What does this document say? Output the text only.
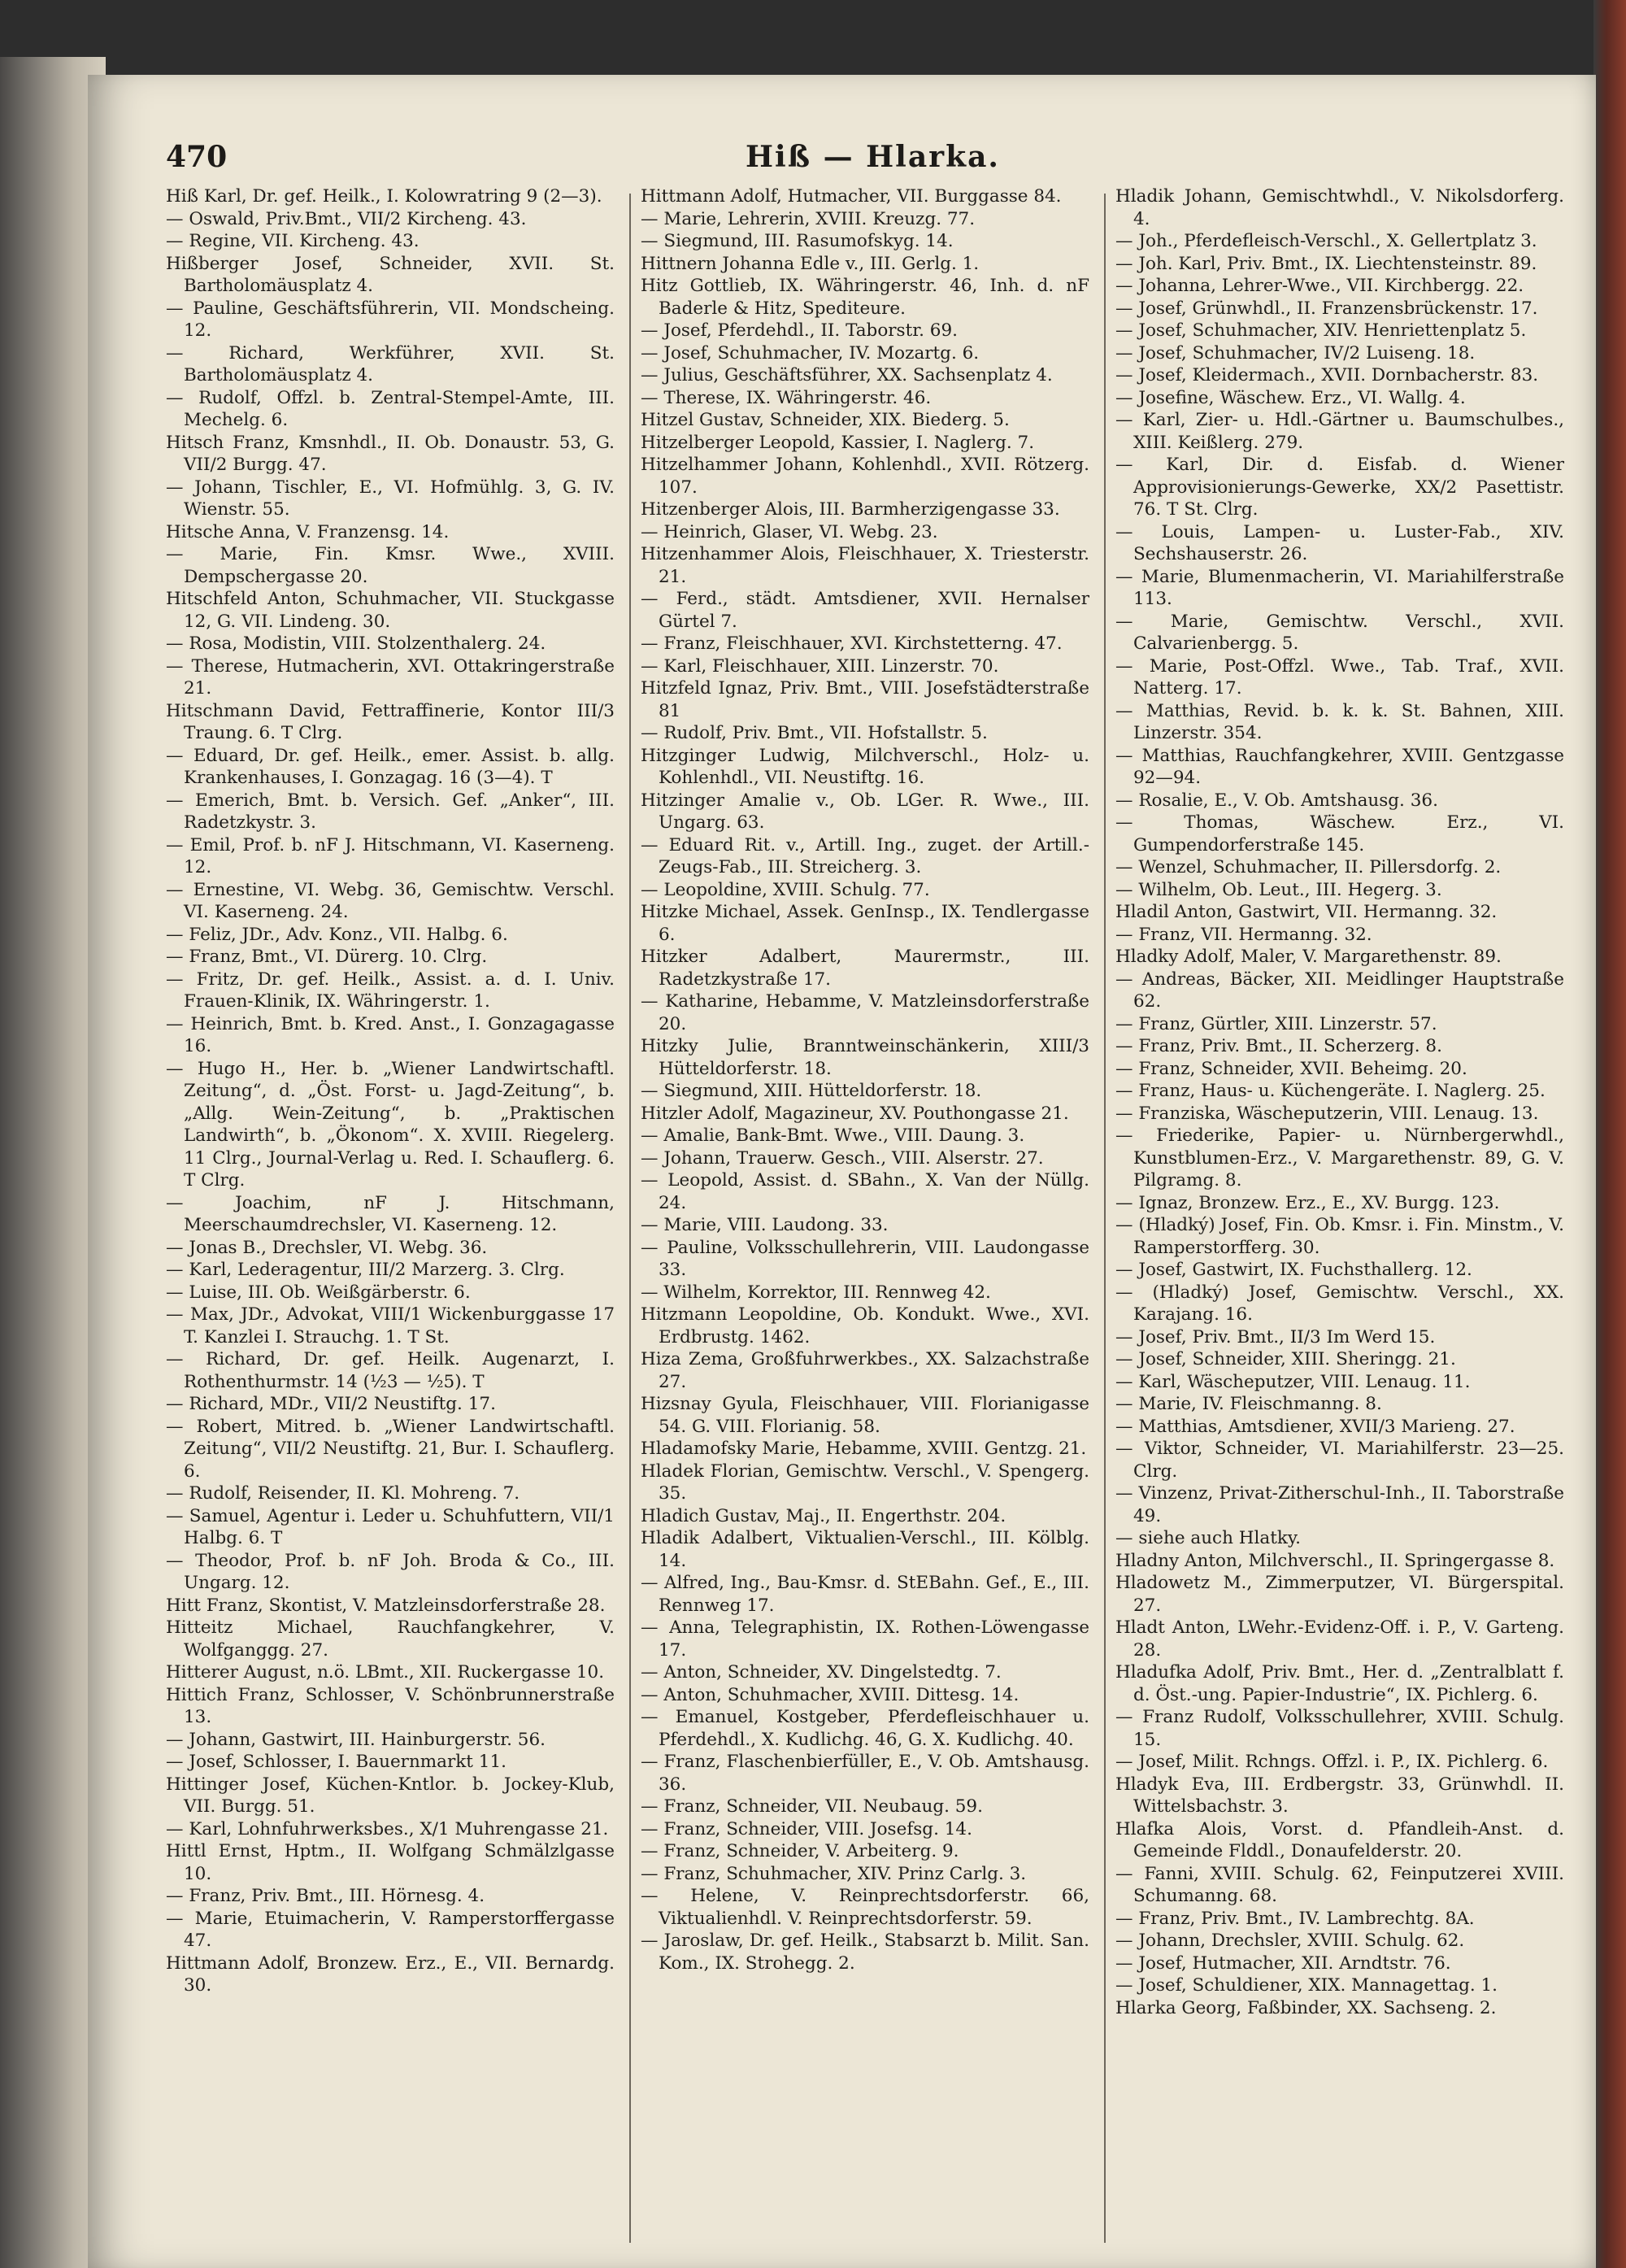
Hiß — Hlarka.
470
Hiß Karl, Dr. gef. Heilk., I. Kolowratring 9 (2—3).
— Oswald, Priv.Bmt., VII/2 Kircheng. 43.
— Regine, VII. Kircheng. 43.
Hißberger Josef, Schneider, XVII. St. Bartholomäusplatz 4.
— Pauline, Geschäftsführerin, VII. Mondscheing. 12.
— Richard, Werkführer, XVII. St. Bartholomäusplatz 4.
— Rudolf, Offzl. b. Zentral-Stempel-Amte, III. Mechelg. 6.
Hitsch Franz, Kmsnhdl., II. Ob. Donaustr. 53, G. VII/2 Burgg. 47.
— Johann, Tischler, E., VI. Hofmühlg. 3, G. IV. Wienstr. 55.
Hitsche Anna, V. Franzensg. 14.
— Marie, Fin. Kmsr. Wwe., XVIII. Dempschergasse 20.
Hitschfeld Anton, Schuhmacher, VII. Stuckgasse 12, G. VII. Lindeng. 30.
— Rosa, Modistin, VIII. Stolzenthalerg. 24.
— Therese, Hutmacherin, XVI. Ottakringerstraße 21.
Hitschmann David, Fettraffinerie, Kontor III/3 Traung. 6. T Clrg.
— Eduard, Dr. gef. Heilk., emer. Assist. b. allg. Krankenhauses, I. Gonzagag. 16 (3—4). T
— Emerich, Bmt. b. Versich. Gef. „Anker“, III. Radetzkystr. 3.
— Emil, Prof. b. nF J. Hitschmann, VI. Kaserneng. 12.
— Ernestine, VI. Webg. 36, Gemischtw. Verschl. VI. Kaserneng. 24.
— Feliz, JDr., Adv. Konz., VII. Halbg. 6.
— Franz, Bmt., VI. Dürerg. 10. Clrg.
— Fritz, Dr. gef. Heilk., Assist. a. d. I. Univ. Frauen-Klinik, IX. Währingerstr. 1.
— Heinrich, Bmt. b. Kred. Anst., I. Gonzagagasse 16.
— Hugo H., Her. b. „Wiener Landwirtschaftl. Zeitung“, d. „Öst. Forst- u. Jagd-Zeitung“, b. „Allg. Wein-Zeitung“, b. „Praktischen Landwirth“, b. „Ökonom“. X. XVIII. Riegelerg. 11 Clrg., Journal-Verlag u. Red. I. Schauflerg. 6. T Clrg.
— Joachim, nF J. Hitschmann, Meerschaumdrechsler, VI. Kaserneng. 12.
— Jonas B., Drechsler, VI. Webg. 36.
— Karl, Lederagentur, III/2 Marzerg. 3. Clrg.
— Luise, III. Ob. Weißgärberstr. 6.
— Max, JDr., Advokat, VIII/1 Wickenburggasse 17 T. Kanzlei I. Strauchg. 1. T St.
— Richard, Dr. gef. Heilk. Augenarzt, I. Rothenthurmstr. 14 (½3 — ½5). T
— Richard, MDr., VII/2 Neustiftg. 17.
— Robert, Mitred. b. „Wiener Landwirtschaftl. Zeitung“, VII/2 Neustiftg. 21, Bur. I. Schauflerg. 6.
— Rudolf, Reisender, II. Kl. Mohreng. 7.
— Samuel, Agentur i. Leder u. Schuhfuttern, VII/1 Halbg. 6. T
— Theodor, Prof. b. nF Joh. Broda & Co., III. Ungarg. 12.
Hitt Franz, Skontist, V. Matzleinsdorferstraße 28.
Hitteitz Michael, Rauchfangkehrer, V. Wolfganggg. 27.
Hitterer August, n.ö. LBmt., XII. Ruckergasse 10.
Hittich Franz, Schlosser, V. Schönbrunnerstraße 13.
— Johann, Gastwirt, III. Hainburgerstr. 56.
— Josef, Schlosser, I. Bauernmarkt 11.
Hittinger Josef, Küchen-Kntlor. b. Jockey-Klub, VII. Burgg. 51.
— Karl, Lohnfuhrwerksbes., X/1 Muhrengasse 21.
Hittl Ernst, Hptm., II. Wolfgang Schmälzlgasse 10.
— Franz, Priv. Bmt., III. Hörnesg. 4.
— Marie, Etuimacherin, V. Ramperstorffergasse 47.
Hittmann Adolf, Bronzew. Erz., E., VII. Bernardg. 30.
Hittmann Adolf, Hutmacher, VII. Burggasse 84.
— Marie, Lehrerin, XVIII. Kreuzg. 77.
— Siegmund, III. Rasumofskyg. 14.
Hittnern Johanna Edle v., III. Gerlg. 1.
Hitz Gottlieb, IX. Währingerstr. 46, Inh. d. nF Baderle & Hitz, Spediteure.
— Josef, Pferdehdl., II. Taborstr. 69.
— Josef, Schuhmacher, IV. Mozartg. 6.
— Julius, Geschäftsführer, XX. Sachsenplatz 4.
— Therese, IX. Währingerstr. 46.
Hitzel Gustav, Schneider, XIX. Biederg. 5.
Hitzelberger Leopold, Kassier, I. Naglerg. 7.
Hitzelhammer Johann, Kohlenhdl., XVII. Rötzerg. 107.
Hitzenberger Alois, III. Barmherzigengasse 33.
— Heinrich, Glaser, VI. Webg. 23.
Hitzenhammer Alois, Fleischhauer, X. Triesterstr. 21.
— Ferd., städt. Amtsdiener, XVII. Hernalser Gürtel 7.
— Franz, Fleischhauer, XVI. Kirchstetterng. 47.
— Karl, Fleischhauer, XIII. Linzerstr. 70.
Hitzfeld Ignaz, Priv. Bmt., VIII. Josefstädterstraße 81
— Rudolf, Priv. Bmt., VII. Hofstallstr. 5.
Hitzginger Ludwig, Milchverschl., Holz- u. Kohlenhdl., VII. Neustiftg. 16.
Hitzinger Amalie v., Ob. LGer. R. Wwe., III. Ungarg. 63.
— Eduard Rit. v., Artill. Ing., zuget. der Artill.-Zeugs-Fab., III. Streicherg. 3.
— Leopoldine, XVIII. Schulg. 77.
Hitzke Michael, Assek. GenInsp., IX. Tendlergasse 6.
Hitzker Adalbert, Maurermstr., III. Radetzkystraße 17.
— Katharine, Hebamme, V. Matzleinsdorferstraße 20.
Hitzky Julie, Branntweinschänkerin, XIII/3 Hütteldorferstr. 18.
— Siegmund, XIII. Hütteldorferstr. 18.
Hitzler Adolf, Magazineur, XV. Pouthongasse 21.
— Amalie, Bank-Bmt. Wwe., VIII. Daung. 3.
— Johann, Trauerw. Gesch., VIII. Alserstr. 27.
— Leopold, Assist. d. SBahn., X. Van der Nüllg. 24.
— Marie, VIII. Laudong. 33.
— Pauline, Volksschullehrerin, VIII. Laudongasse 33.
— Wilhelm, Korrektor, III. Rennweg 42.
Hitzmann Leopoldine, Ob. Kondukt. Wwe., XVI. Erdbrustg. 1462.
Hiza Zema, Großfuhrwerkbes., XX. Salzachstraße 27.
Hizsnay Gyula, Fleischhauer, VIII. Florianigasse 54. G. VIII. Florianig. 58.
Hladamofsky Marie, Hebamme, XVIII. Gentzg. 21.
Hladek Florian, Gemischtw. Verschl., V. Spengerg. 35.
Hladich Gustav, Maj., II. Engerthstr. 204.
Hladik Adalbert, Viktualien-Verschl., III. Kölblg. 14.
— Alfred, Ing., Bau-Kmsr. d. StEBahn. Gef., E., III. Rennweg 17.
— Anna, Telegraphistin, IX. Rothen-Löwengasse 17.
— Anton, Schneider, XV. Dingelstedtg. 7.
— Anton, Schuhmacher, XVIII. Dittesg. 14.
— Emanuel, Kostgeber, Pferdefleischhauer u. Pferdehdl., X. Kudlichg. 46, G. X. Kudlichg. 40.
— Franz, Flaschenbierfüller, E., V. Ob. Amtshausg. 36.
— Franz, Schneider, VII. Neubaug. 59.
— Franz, Schneider, VIII. Josefsg. 14.
— Franz, Schneider, V. Arbeiterg. 9.
— Franz, Schuhmacher, XIV. Prinz Carlg. 3.
— Helene, V. Reinprechtsdorferstr. 66, Viktualienhdl. V. Reinprechtsdorferstr. 59.
— Jaroslaw, Dr. gef. Heilk., Stabsarzt b. Milit. San. Kom., IX. Strohegg. 2.
Hladik Johann, Gemischtwhdl., V. Nikolsdorferg. 4.
— Joh., Pferdefleisch-Verschl., X. Gellertplatz 3.
— Joh. Karl, Priv. Bmt., IX. Liechtensteinstr. 89.
— Johanna, Lehrer-Wwe., VII. Kirchbergg. 22.
— Josef, Grünwhdl., II. Franzensbrückenstr. 17.
— Josef, Schuhmacher, XIV. Henriettenplatz 5.
— Josef, Schuhmacher, IV/2 Luiseng. 18.
— Josef, Kleidermach., XVII. Dornbacherstr. 83.
— Josefine, Wäschew. Erz., VI. Wallg. 4.
— Karl, Zier- u. Hdl.-Gärtner u. Baumschulbes., XIII. Keißlerg. 279.
— Karl, Dir. d. Eisfab. d. Wiener Approvisionierungs-Gewerke, XX/2 Pasettistr. 76. T St. Clrg.
— Louis, Lampen- u. Luster-Fab., XIV. Sechshauserstr. 26.
— Marie, Blumenmacherin, VI. Mariahilferstraße 113.
— Marie, Gemischtw. Verschl., XVII. Calvarienbergg. 5.
— Marie, Post-Offzl. Wwe., Tab. Traf., XVII. Natterg. 17.
— Matthias, Revid. b. k. k. St. Bahnen, XIII. Linzerstr. 354.
— Matthias, Rauchfangkehrer, XVIII. Gentzgasse 92—94.
— Rosalie, E., V. Ob. Amtshausg. 36.
— Thomas, Wäschew. Erz., VI. Gumpendorferstraße 145.
— Wenzel, Schuhmacher, II. Pillersdorfg. 2.
— Wilhelm, Ob. Leut., III. Hegerg. 3.
Hladil Anton, Gastwirt, VII. Hermanng. 32.
— Franz, VII. Hermanng. 32.
Hladky Adolf, Maler, V. Margarethenstr. 89.
— Andreas, Bäcker, XII. Meidlinger Hauptstraße 62.
— Franz, Gürtler, XIII. Linzerstr. 57.
— Franz, Priv. Bmt., II. Scherzerg. 8.
— Franz, Schneider, XVII. Beheimg. 20.
— Franz, Haus- u. Küchengeräte. I. Naglerg. 25.
— Franziska, Wäscheputzerin, VIII. Lenaug. 13.
— Friederike, Papier- u. Nürnbergerwhdl., Kunstblumen-Erz., V. Margarethenstr. 89, G. V. Pilgramg. 8.
— Ignaz, Bronzew. Erz., E., XV. Burgg. 123.
— (Hladký) Josef, Fin. Ob. Kmsr. i. Fin. Minstm., V. Ramperstorfferg. 30.
— Josef, Gastwirt, IX. Fuchsthallerg. 12.
— (Hladký) Josef, Gemischtw. Verschl., XX. Karajang. 16.
— Josef, Priv. Bmt., II/3 Im Werd 15.
— Josef, Schneider, XIII. Sheringg. 21.
— Karl, Wäscheputzer, VIII. Lenaug. 11.
— Marie, IV. Fleischmanng. 8.
— Matthias, Amtsdiener, XVII/3 Marieng. 27.
— Viktor, Schneider, VI. Mariahilferstr. 23—25. Clrg.
— Vinzenz, Privat-Zitherschul-Inh., II. Taborstraße 49.
— siehe auch Hlatky.
Hladny Anton, Milchverschl., II. Springergasse 8.
Hladowetz M., Zimmerputzer, VI. Bürgerspital. 27.
Hladt Anton, LWehr.-Evidenz-Off. i. P., V. Garteng. 28.
Hladufka Adolf, Priv. Bmt., Her. d. „Zentralblatt f. d. Öst.-ung. Papier-Industrie“, IX. Pichlerg. 6.
— Franz Rudolf, Volksschullehrer, XVIII. Schulg. 15.
— Josef, Milit. Rchngs. Offzl. i. P., IX. Pichlerg. 6.
Hladyk Eva, III. Erdbergstr. 33, Grünwhdl. II. Wittelsbachstr. 3.
Hlafka Alois, Vorst. d. Pfandleih-Anst. d. Gemeinde Flddl., Donaufelderstr. 20.
— Fanni, XVIII. Schulg. 62, Feinputzerei XVIII. Schumanng. 68.
— Franz, Priv. Bmt., IV. Lambrechtg. 8A.
— Johann, Drechsler, XVIII. Schulg. 62.
— Josef, Hutmacher, XII. Arndtstr. 76.
— Josef, Schuldiener, XIX. Mannagettag. 1.
Hlarka Georg, Faßbinder, XX. Sachseng. 2.
